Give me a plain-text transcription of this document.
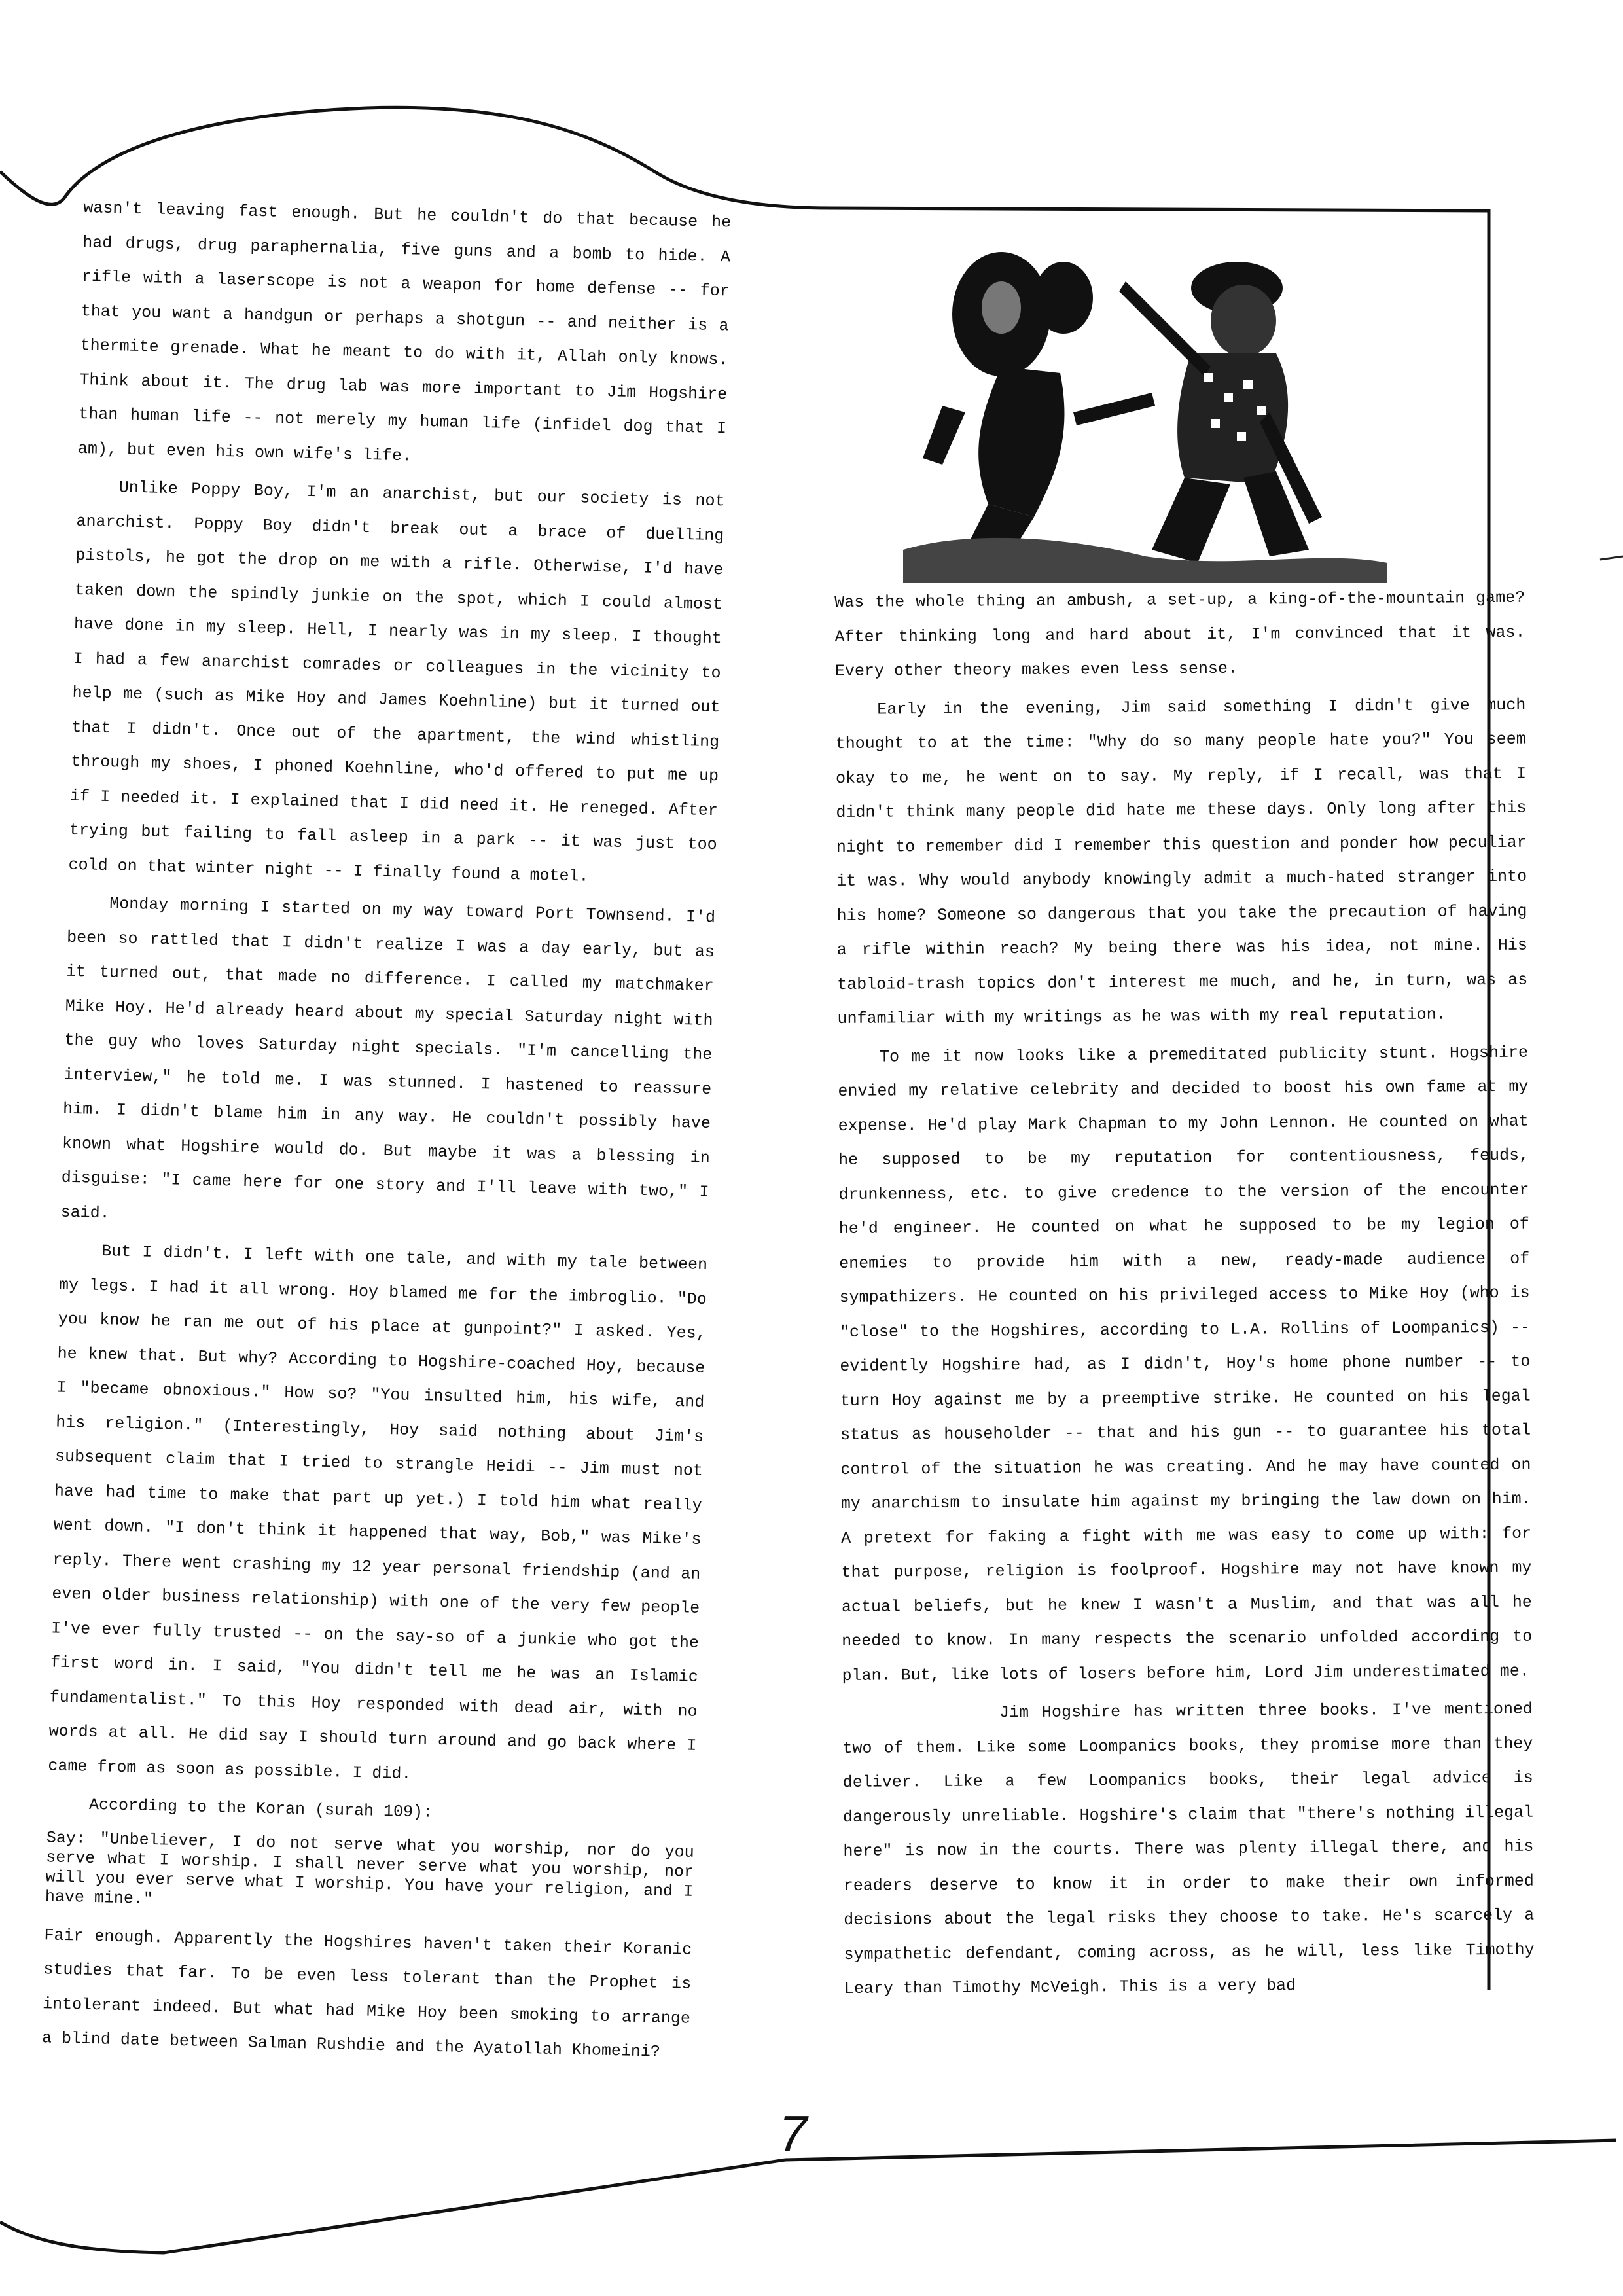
wasn't leaving fast enough. But he couldn't do that because he had drugs, drug paraphernalia, five guns and a bomb to hide. A rifle with a laserscope is not a weapon for home defense -- for that you want a handgun or perhaps a shotgun -- and neither is a thermite grenade. What he meant to do with it, Allah only knows. Think about it. The drug lab was more important to Jim Hogshire than human life -- not merely my human life (infidel dog that I am), but even his own wife's life.

Unlike Poppy Boy, I'm an anarchist, but our society is not anarchist. Poppy Boy didn't break out a brace of duelling pistols, he got the drop on me with a rifle. Otherwise, I'd have taken down the spindly junkie on the spot, which I could almost have done in my sleep. Hell, I nearly was in my sleep. I thought I had a few anarchist comrades or colleagues in the vicinity to help me (such as Mike Hoy and James Koehnline) but it turned out that I didn't. Once out of the apartment, the wind whistling through my shoes, I phoned Koehnline, who'd offered to put me up if I needed it. I explained that I did need it. He reneged. After trying but failing to fall asleep in a park -- it was just too cold on that winter night -- I finally found a motel.

Monday morning I started on my way toward Port Townsend. I'd been so rattled that I didn't realize I was a day early, but as it turned out, that made no difference. I called my matchmaker Mike Hoy. He'd already heard about my special Saturday night with the guy who loves Saturday night specials. "I'm cancelling the interview," he told me. I was stunned. I hastened to reassure him. I didn't blame him in any way. He couldn't possibly have known what Hogshire would do. But maybe it was a blessing in disguise: "I came here for one story and I'll leave with two," I said.

But I didn't. I left with one tale, and with my tale between my legs. I had it all wrong. Hoy blamed me for the imbroglio. "Do you know he ran me out of his place at gunpoint?" I asked. Yes, he knew that. But why? According to Hogshire-coached Hoy, because I "became obnoxious." How so? "You insulted him, his wife, and his religion." (Interestingly, Hoy said nothing about Jim's subsequent claim that I tried to strangle Heidi -- Jim must not have had time to make that part up yet.) I told him what really went down. "I don't think it happened that way, Bob," was Mike's reply. There went crashing my 12 year personal friendship (and an even older business relationship) with one of the very few people I've ever fully trusted -- on the say-so of a junkie who got the first word in. I said, "You didn't tell me he was an Islamic fundamentalist." To this Hoy responded with dead air, with no words at all. He did say I should turn around and go back where I came from as soon as possible. I did.

According to the Koran (surah 109):

Say: "Unbeliever, I do not serve what you worship, nor do you serve what I worship. I shall never serve what you worship, nor will you ever serve what I worship. You have your religion, and I have mine."

Fair enough. Apparently the Hogshires haven't taken their Koranic studies that far. To be even less tolerant than the Prophet is intolerant indeed. But what had Mike Hoy been smoking to arrange a blind date between Salman Rushdie and the Ayatollah Khomeini?

Was the whole thing an ambush, a set-up, a king-of-the-mountain game? After thinking long and hard about it, I'm convinced that it was. Every other theory makes even less sense.

Early in the evening, Jim said something I didn't give much thought to at the time: "Why do so many people hate you?" You seem okay to me, he went on to say. My reply, if I recall, was that I didn't think many people did hate me these days. Only long after this night to remember did I remember this question and ponder how peculiar it was. Why would anybody knowingly admit a much-hated stranger into his home? Someone so dangerous that you take the precaution of having a rifle within reach? My being there was his idea, not mine. His tabloid-trash topics don't interest me much, and he, in turn, was as unfamiliar with my writings as he was with my real reputation.

To me it now looks like a premeditated publicity stunt. Hogshire envied my relative celebrity and decided to boost his own fame at my expense. He'd play Mark Chapman to my John Lennon. He counted on what he supposed to be my reputation for contentiousness, feuds, drunkenness, etc. to give credence to the version of the encounter he'd engineer. He counted on what he supposed to be my legion of enemies to provide him with a new, ready-made audience of sympathizers. He counted on his privileged access to Mike Hoy (who is "close" to the Hogshires, according to L.A. Rollins of Loompanics) -- evidently Hogshire had, as I didn't, Hoy's home phone number -- to turn Hoy against me by a preemptive strike. He counted on his legal status as householder -- that and his gun -- to guarantee his total control of the situation he was creating. And he may have counted on my anarchism to insulate him against my bringing the law down on him. A pretext for faking a fight with me was easy to come up with: for that purpose, religion is foolproof. Hogshire may not have known my actual beliefs, but he knew I wasn't a Muslim, and that was all he needed to know. In many respects the scenario unfolded according to plan. But, like lots of losers before him, Lord Jim underestimated me.

Jim Hogshire has written three books. I've mentioned two of them. Like some Loompanics books, they promise more than they deliver. Like a few Loompanics books, their legal advice is dangerously unreliable. Hogshire's claim that "there's nothing illegal here" is now in the courts. There was plenty illegal there, and his readers deserve to know it in order to make their own informed decisions about the legal risks they choose to take. He's scarcely a sympathetic defendant, coming across, as he will, less like Timothy Leary than Timothy McVeigh. This is a very bad

7
